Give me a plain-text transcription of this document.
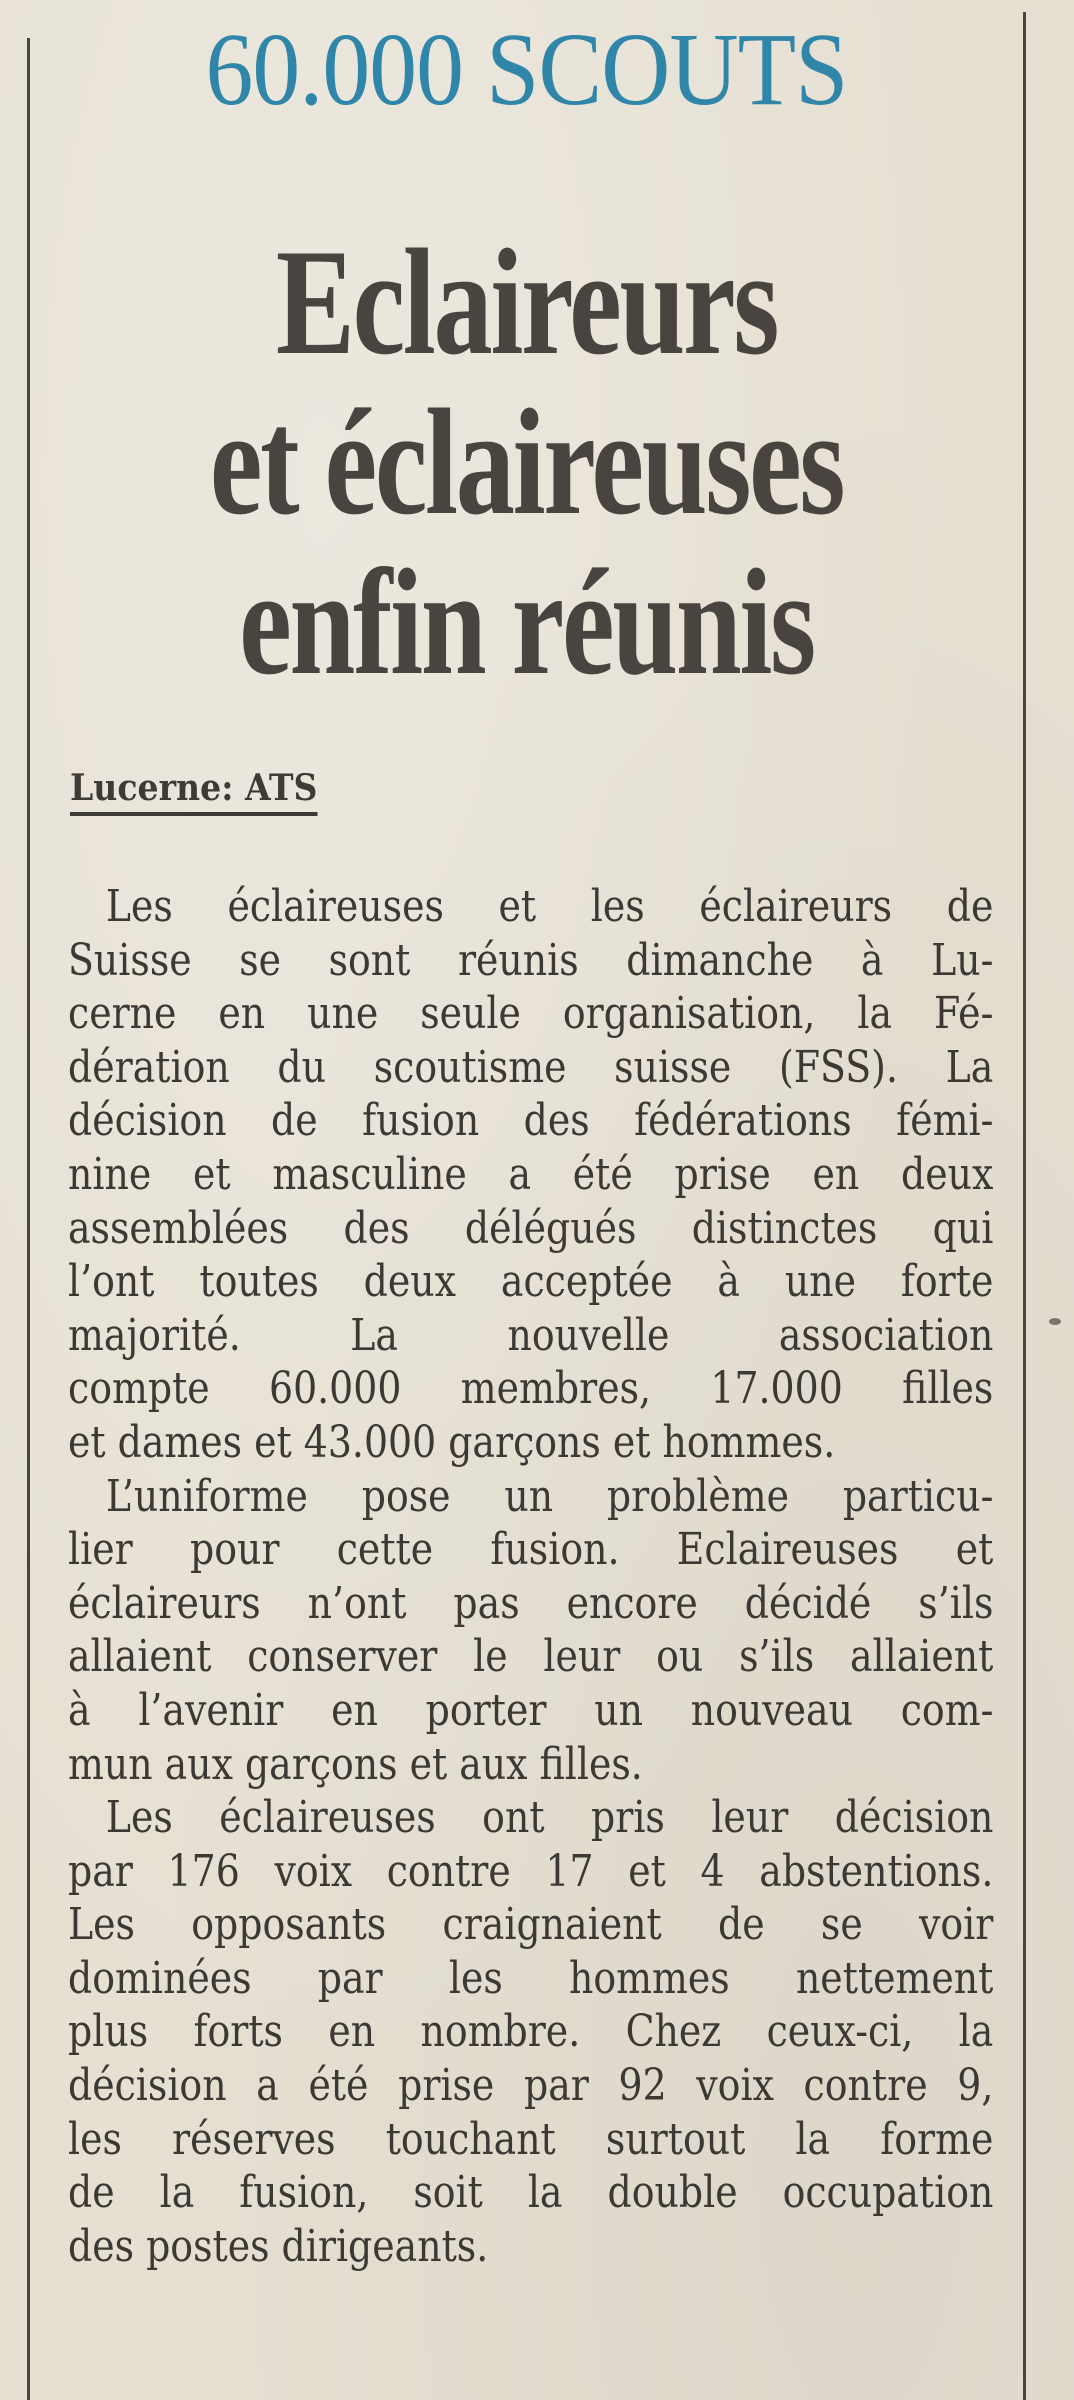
60.000 SCOUTS
Eclaireurs
et éclaireuses
enfin réunis
Lucerne: ATS
Les éclaireuses et les éclaireurs de
Suisse se sont réunis dimanche à Lu-
cerne en une seule organisation, la Fé-
dération du scoutisme suisse (FSS). La
décision de fusion des fédérations fémi-
nine et masculine a été prise en deux
assemblées des délégués distinctes qui
l’ont toutes deux acceptée à une forte
majorité. La nouvelle association
compte 60.000 membres, 17.000 filles
et dames et 43.000 garçons et hommes.
L’uniforme pose un problème particu-
lier pour cette fusion. Eclaireuses et
éclaireurs n’ont pas encore décidé s’ils
allaient conserver le leur ou s’ils allaient
à l’avenir en porter un nouveau com-
mun aux garçons et aux filles.
Les éclaireuses ont pris leur décision
par 176 voix contre 17 et 4 abstentions.
Les opposants craignaient de se voir
dominées par les hommes nettement
plus forts en nombre. Chez ceux-ci, la
décision a été prise par 92 voix contre 9,
les réserves touchant surtout la forme
de la fusion, soit la double occupation
des postes dirigeants.
